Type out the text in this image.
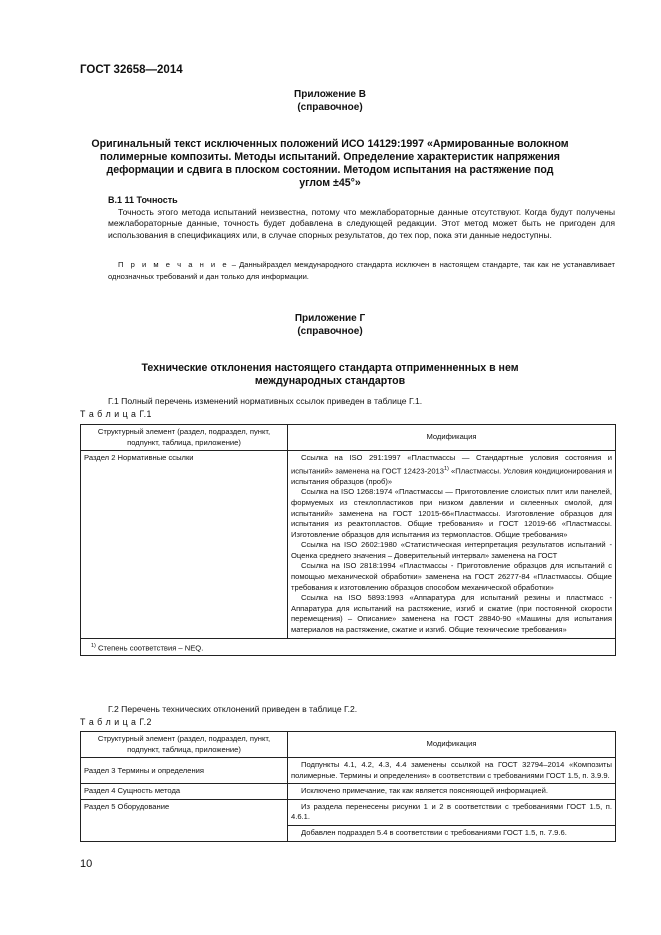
ГОСТ 32658—2014
Приложение В
(справочное)
Оригинальный текст исключенных положений ИСО 14129:1997 «Армированные волокном полимерные композиты. Методы испытаний. Определение характеристик напряжения деформации и сдвига в плоском состоянии. Методом испытания на растяжение под углом ±45°»
В.1 11 Точность
Точность этого метода испытаний неизвестна, потому что межлабораторные данные отсутствуют. Когда будут получены межлабораторные данные, точность будет добавлена в следующей редакции. Этот метод может быть не пригоден для использования в спецификациях или, в случае спорных результатов, до тех пор, пока эти данные недоступны.
П р и м е ч а н и е – Данныйраздел международного стандарта исключен в настоящем стандарте, так как не устанавливает однозначных требований и дан только для информации.
Приложение Г
(справочное)
Технические отклонения настоящего стандарта отприменненных в нем международных стандартов
Г.1 Полный перечень изменений нормативных ссылок приведен в таблице Г.1.
Т а б л и ц а Г.1
Структурный элемент (раздел, подраздел, пункт, подпункт, таблица, приложение)	Модификация
Раздел 2 Нормативные ссылки	Ссылка на ISO 291:1997 «Пластмассы — Стандартные условия состояния и испытаний» заменена на ГОСТ 12423-2013$^{1)}$ «Пластмассы. Условия кондиционирования и испытания образцов (проб)»

Ссылка на ISO 1268:1974 «Пластмассы — Приготовление слоистых плит или панелей, формуемых из стеклопластиков при низком давлении и склеенных смолой, для испытаний» заменена на ГОСТ 12015-66«Пластмассы. Изготовление образцов для испытания из реактопластов. Общие требования» и ГОСТ 12019-66 «Пластмассы. Изготовление образцов для испытания из термопластов. Общие требования»

Ссылка на ISO 2602:1980 «Статистическая интерпретация результатов испытаний - Оценка среднего значения – Доверительный интервал» заменена на ГОСТ

Ссылка на ISO 2818:1994 «Пластмассы - Приготовление образцов для испытаний с помощью механической обработки» заменена на ГОСТ 26277-84 «Пластмассы. Общие требования к изготовлению образцов способом механической обработки»

Ссылка на ISO 5893:1993 «Аппаратура для испытаний резины и пластмасс - Аппаратура для испытаний на растяжение, изгиб и сжатие (при постоянной скорости перемещения) – Описание» заменена на ГОСТ 28840-90 «Машины для испытания материалов на растяжение, сжатие и изгиб. Общие технические требования»

$^{1)}$ Степень соответствия – NEQ.	
Г.2 Перечень технических отклонений приведен в таблице Г.2.
Т а б л и ц а Г.2
Структурный элемент (раздел, подраздел, пункт, подпункт, таблица, приложение)	Модификация
Раздел 3 Термины и определения	Подпункты 4.1, 4.2, 4.3, 4.4 заменены ссылкой на ГОСТ 32794–2014 «Композиты полимерные. Термины и определения» в соответствии с требованиями ГОСТ 1.5, п. 3.9.9.

Раздел 4 Сущность метода	Исключено примечание, так как является поясняющей информацией.

Раздел 5 Оборудование	Из раздела перенесены рисунки 1 и 2 в соответствии с требованиями ГОСТ 1.5, п. 4.6.1.

	Добавлен подраздел 5.4 в соответствии с требованиями ГОСТ 1.5, п. 7.9.6.

10
